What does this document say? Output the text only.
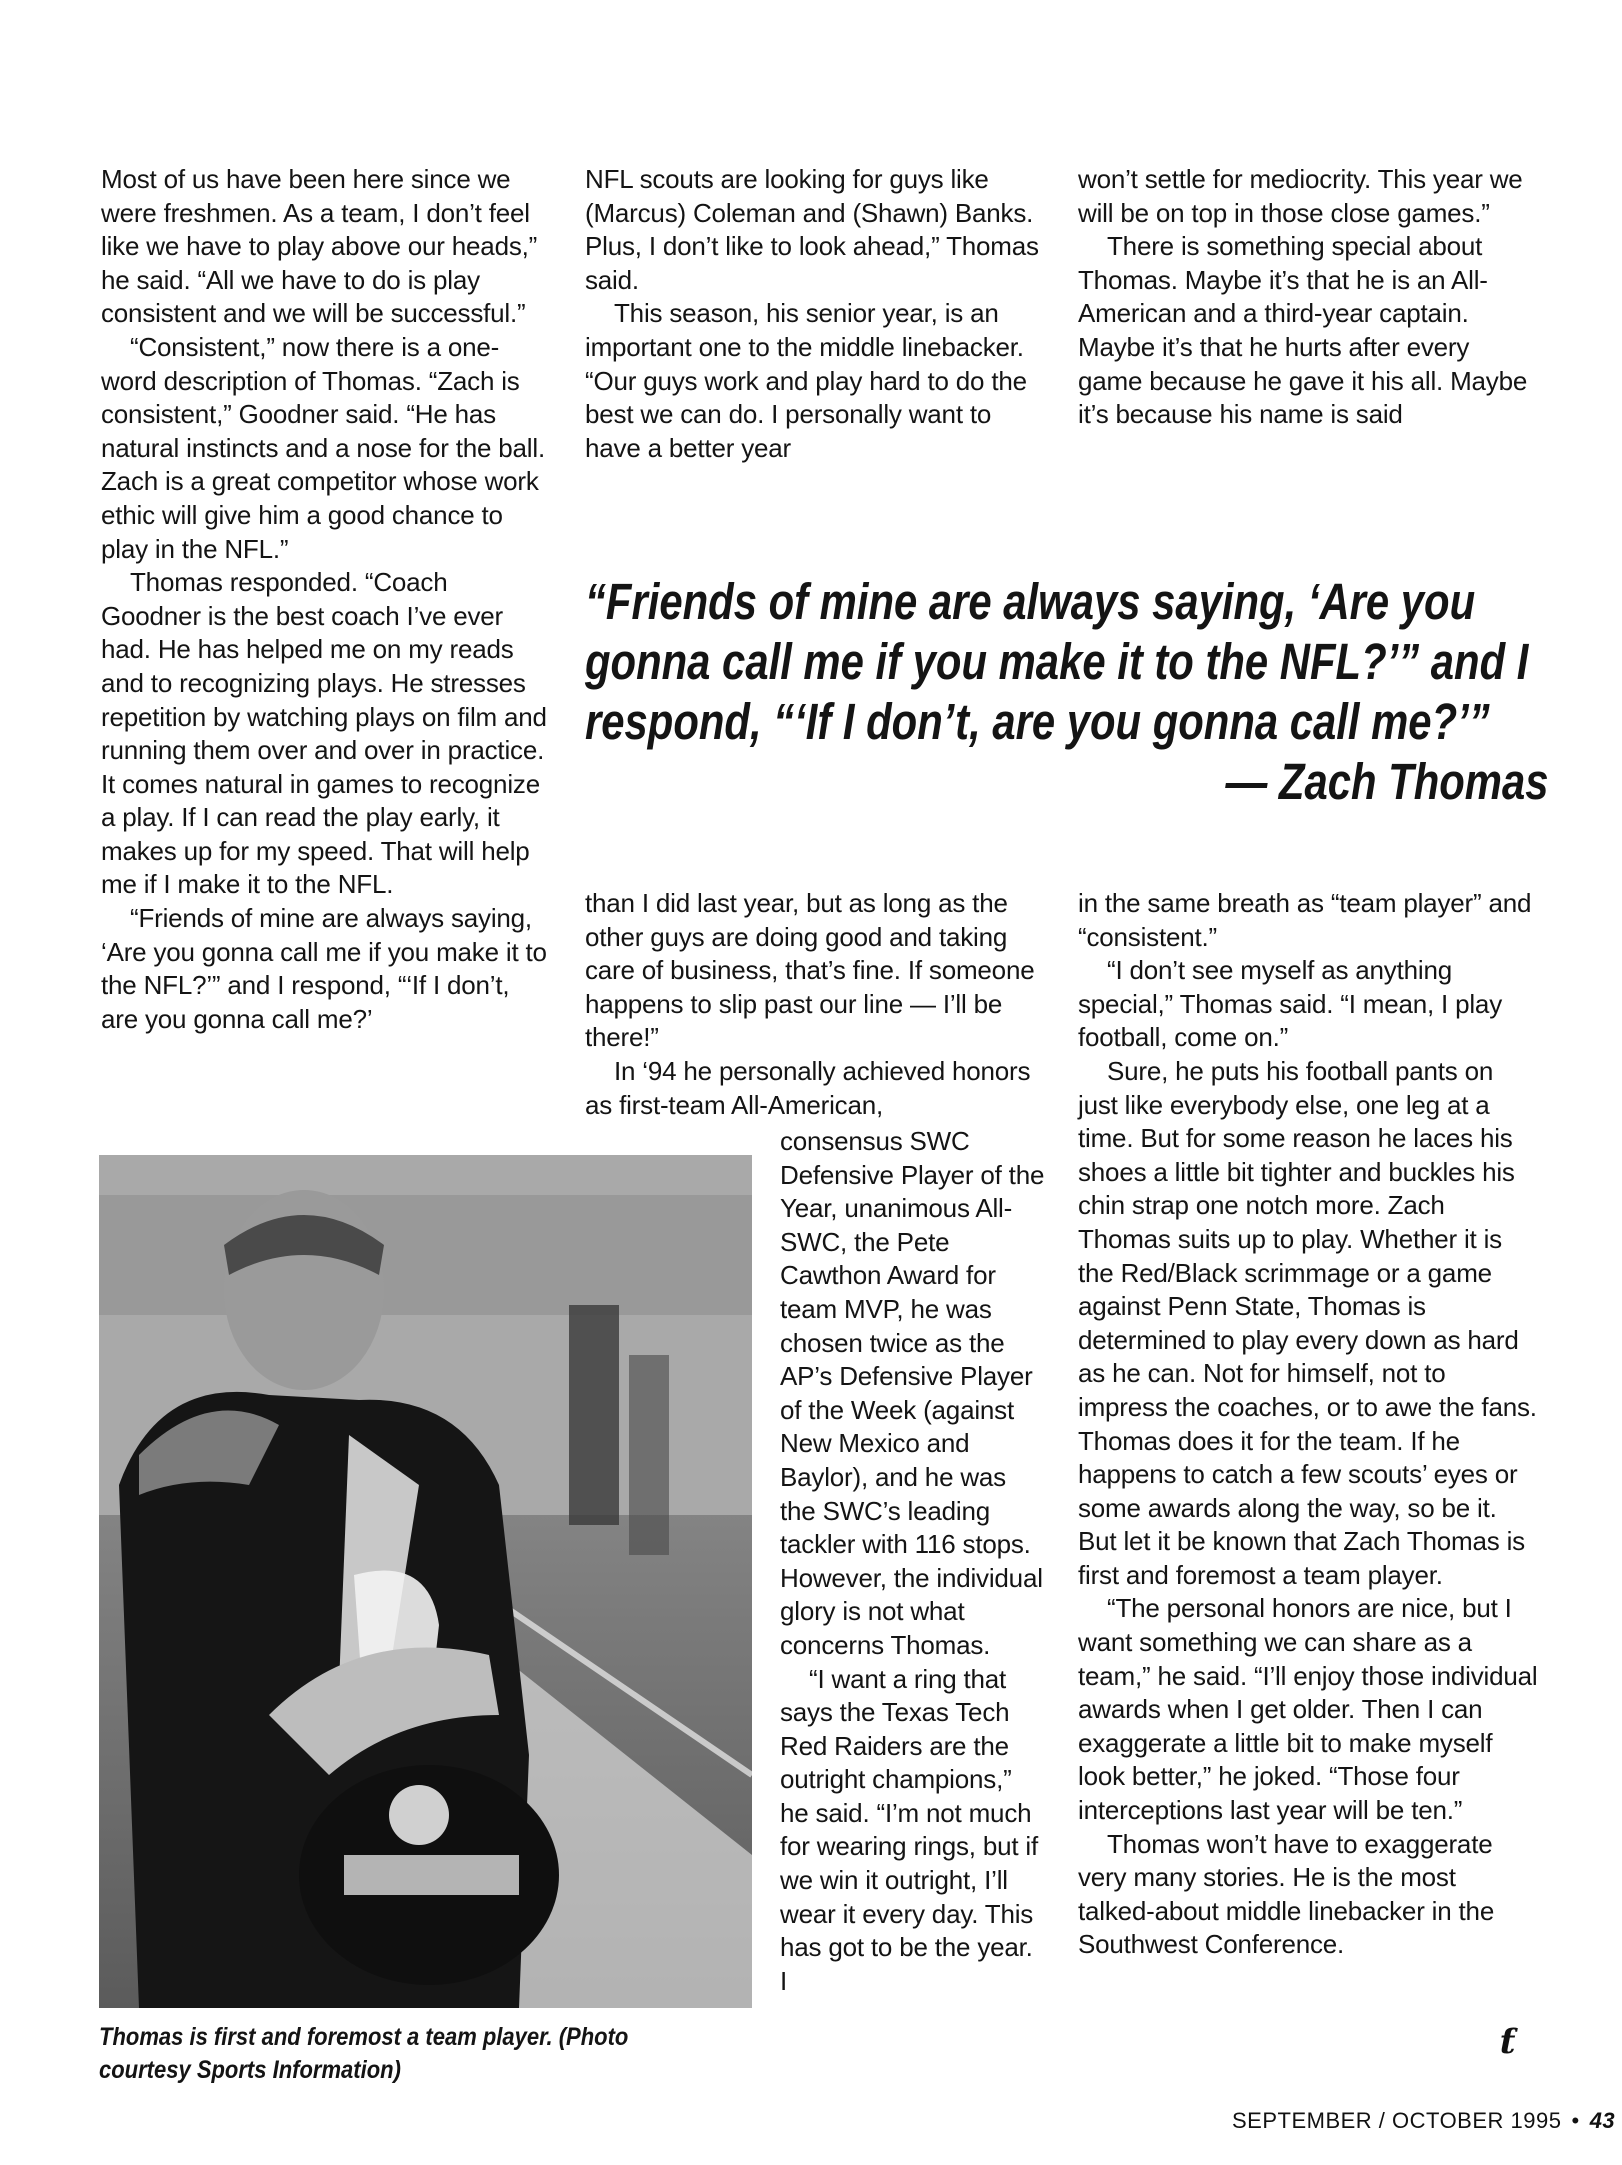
Most of us have been here since we were freshmen. As a team, I don’t feel like we have to play above our heads,” he said. “All we have to do is play consistent and we will be successful.”

“Consistent,” now there is a one-word description of Thomas. “Zach is consistent,” Goodner said. “He has natural instincts and a nose for the ball. Zach is a great competitor whose work ethic will give him a good chance to play in the NFL.”

Thomas responded. “Coach Goodner is the best coach I’ve ever had. He has helped me on my reads and to recognizing plays. He stresses repetition by watching plays on film and running them over and over in practice. It comes natural in games to recognize a play. If I can read the play early, it makes up for my speed. That will help me if I make it to the NFL.

“Friends of mine are always saying, ‘Are you gonna call me if you make it to the NFL?’” and I respond, “‘If I don’t, are you gonna call me?’

NFL scouts are looking for guys like (Marcus) Coleman and (Shawn) Banks. Plus, I don’t like to look ahead,” Thomas said.

This season, his senior year, is an important one to the middle linebacker. “Our guys work and play hard to do the best we can do. I personally want to have a better year

won’t settle for mediocrity. This year we will be on top in those close games.”

There is something special about Thomas. Maybe it’s that he is an All-American and a third-year captain. Maybe it’s that he hurts after every game because he gave it his all. Maybe it’s because his name is said

“Friends of mine are always saying, ‘Are you gonna call me if you make it to the NFL?’” and I respond, “‘If I don’t, are you gonna call me?’”
— Zach Thomas

than I did last year, but as long as the other guys are doing good and taking care of business, that’s fine. If someone happens to slip past our line — I’ll be there!”

In ‘94 he personally achieved honors as first-team All-American,

consensus SWC Defensive Player of the Year, unanimous All-SWC, the Pete Cawthon Award for team MVP, he was chosen twice as the AP’s Defensive Player of the Week (against New Mexico and Baylor), and he was the SWC’s leading tackler with 116 stops. However, the individual glory is not what concerns Thomas.

“I want a ring that says the Texas Tech Red Raiders are the outright champions,” he said. “I’m not much for wearing rings, but if we win it outright, I’ll wear it every day. This has got to be the year. I

in the same breath as “team player” and “consistent.”

“I don’t see myself as anything special,” Thomas said. “I mean, I play football, come on.”

Sure, he puts his football pants on just like everybody else, one leg at a time. But for some reason he laces his shoes a little bit tighter and buckles his chin strap one notch more. Zach Thomas suits up to play. Whether it is the Red/Black scrimmage or a game against Penn State, Thomas is determined to play every down as hard as he can. Not for himself, not to impress the coaches, or to awe the fans. Thomas does it for the team. If he happens to catch a few scouts’ eyes or some awards along the way, so be it. But let it be known that Zach Thomas is first and foremost a team player.

“The personal honors are nice, but I want something we can share as a team,” he said. “I’ll enjoy those individual awards when I get older. Then I can exaggerate a little bit to make myself look better,” he joked. “Those four interceptions last year will be ten.”

Thomas won’t have to exaggerate very many stories. He is the most talked-about middle linebacker in the Southwest Conference.

Thomas is first and foremost a team player. (Photo courtesy Sports Information)
ƭ
SEPTEMBER / OCTOBER 1995 • 43
